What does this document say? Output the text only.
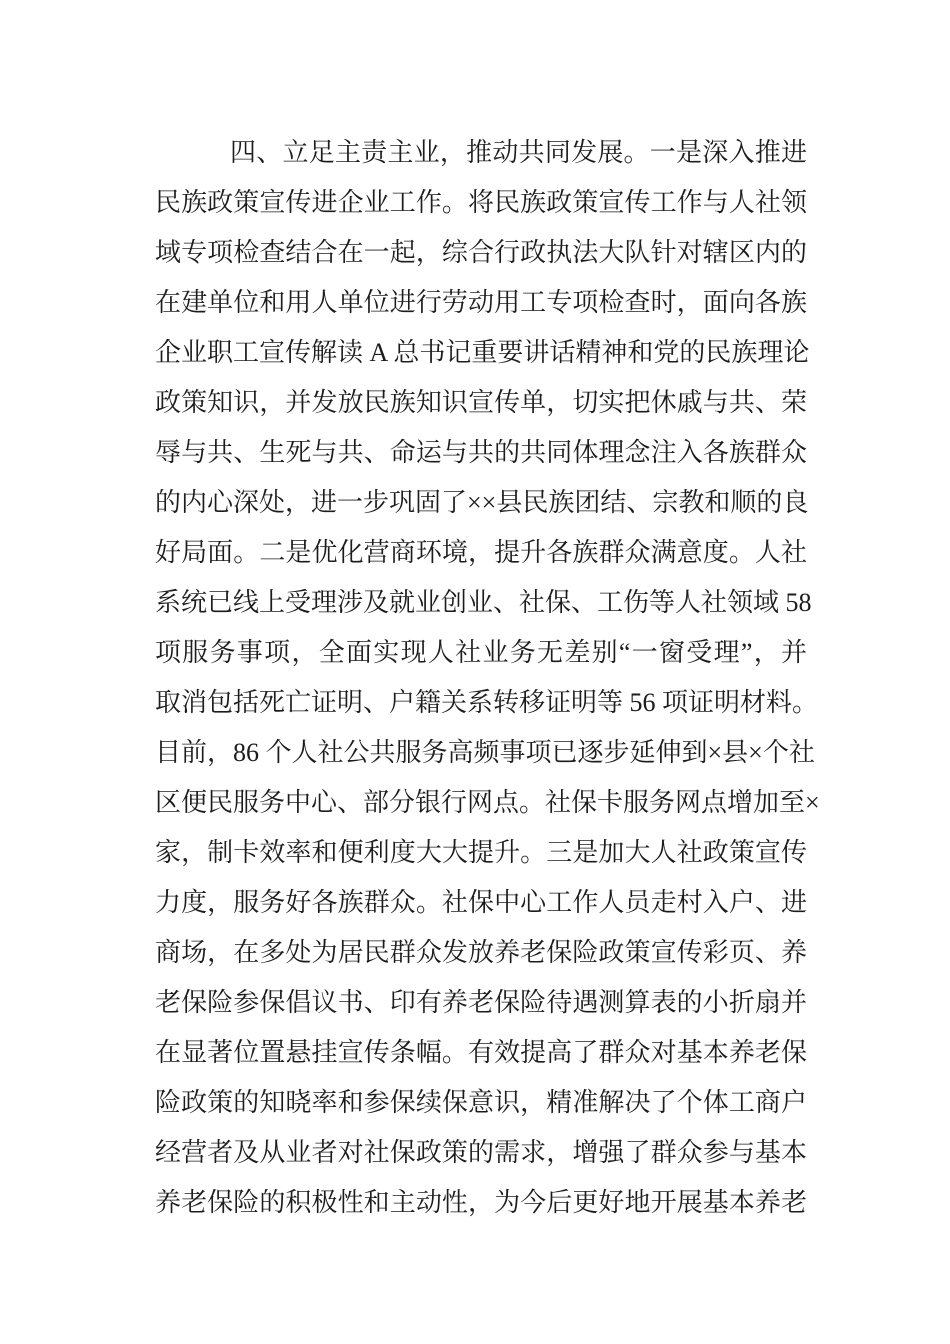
四、立足主责主业，推动共同发展。一是深入推进
民族政策宣传进企业工作。将民族政策宣传工作与人社领
域专项检查结合在一起，综合行政执法大队针对辖区内的
在建单位和用人单位进行劳动用工专项检查时，面向各族
企业职工宣传解读 A 总书记重要讲话精神和党的民族理论
政策知识，并发放民族知识宣传单，切实把休戚与共、荣
辱与共、生死与共、命运与共的共同体理念注入各族群众
的内心深处，进一步巩固了××县民族团结、宗教和顺的良
好局面。二是优化营商环境，提升各族群众满意度。人社
系统已线上受理涉及就业创业、社保、工伤等人社领域 58
项服务事项，全面实现人社业务无差别“一窗受理”，并
取消包括死亡证明、户籍关系转移证明等 56 项证明材料。
目前，86 个人社公共服务高频事项已逐步延伸到×县×个社
区便民服务中心、部分银行网点。社保卡服务网点增加至×
家，制卡效率和便利度大大提升。三是加大人社政策宣传
力度，服务好各族群众。社保中心工作人员走村入户、进
商场，在多处为居民群众发放养老保险政策宣传彩页、养
老保险参保倡议书、印有养老保险待遇测算表的小折扇并
在显著位置悬挂宣传条幅。有效提高了群众对基本养老保
险政策的知晓率和参保续保意识，精准解决了个体工商户
经营者及从业者对社保政策的需求，增强了群众参与基本
养老保险的积极性和主动性，为今后更好地开展基本养老
